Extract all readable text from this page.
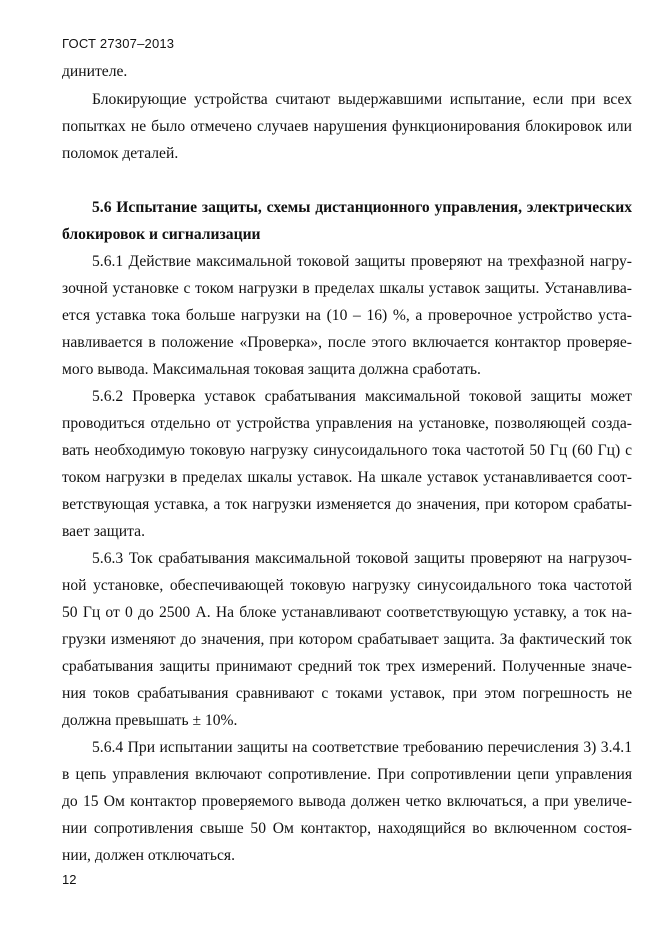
ГОСТ 27307–2013
динителе.
Блокирующие устройства считают выдержавшими испытание, если при всех
попытках не было отмечено случаев нарушения функционирования блокировок или
поломок деталей.
5.6 Испытание защиты, схемы дистанционного управления, электрических
блокировок и сигнализации
5.6.1 Действие максимальной токовой защиты проверяют на трехфазной нагру-
зочной установке с током нагрузки в пределах шкалы уставок защиты. Устанавлива-
ется уставка тока больше нагрузки на (10 – 16) %, а проверочное устройство уста-
навливается в положение «Проверка», после этого включается контактор проверяе-
мого вывода. Максимальная токовая защита должна сработать.
5.6.2 Проверка уставок срабатывания максимальной токовой защиты может
проводиться отдельно от устройства управления на установке, позволяющей созда-
вать необходимую токовую нагрузку синусоидального тока частотой 50 Гц (60 Гц) с
током нагрузки в пределах шкалы уставок. На шкале уставок устанавливается соот-
ветствующая уставка, а ток нагрузки изменяется до значения, при котором срабаты-
вает защита.
5.6.3 Ток срабатывания максимальной токовой защиты проверяют на нагрузоч-
ной установке, обеспечивающей токовую нагрузку синусоидального тока частотой
50 Гц от 0 до 2500 А. На блоке устанавливают соответствующую уставку, а ток на-
грузки изменяют до значения, при котором срабатывает защита. За фактический ток
срабатывания защиты принимают средний ток трех измерений. Полученные значе-
ния токов срабатывания сравнивают с токами уставок, при этом погрешность не
должна превышать ± 10%.
5.6.4 При испытании защиты на соответствие требованию перечисления 3) 3.4.1
в цепь управления включают сопротивление. При сопротивлении цепи управления
до 15 Ом контактор проверяемого вывода должен четко включаться, а при увеличе-
нии сопротивления свыше 50 Ом контактор, находящийся во включенном состоя-
нии, должен отключаться.
12
